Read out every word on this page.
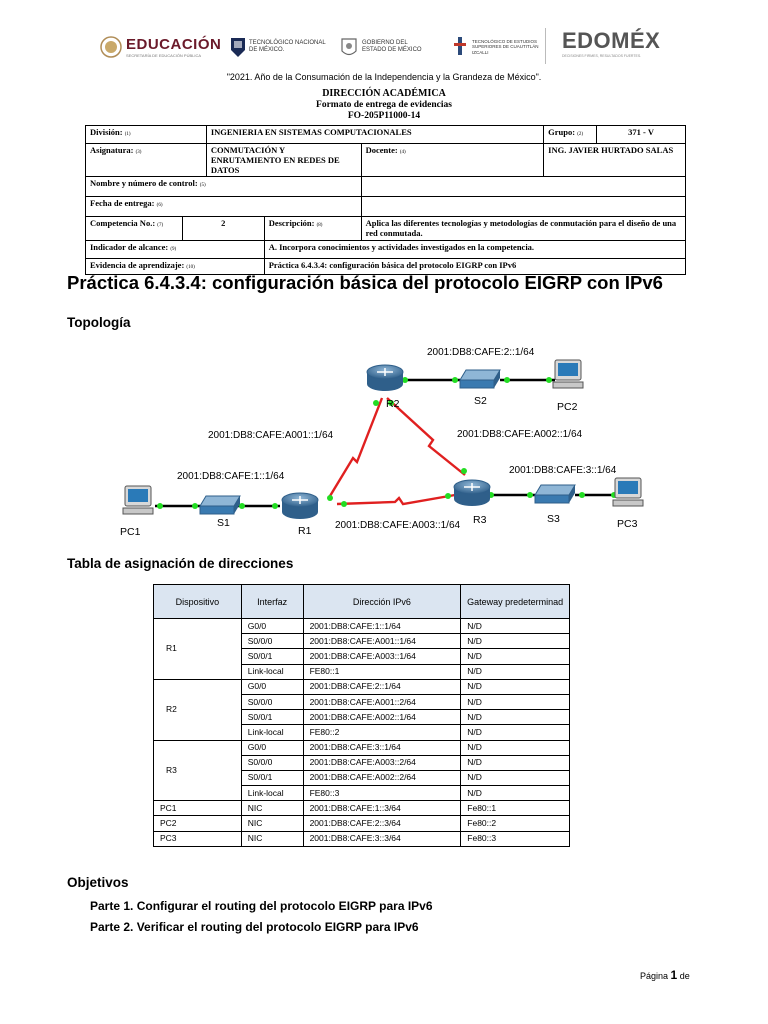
EDUCACIÓN
SECRETARÍA DE EDUCACIÓN PÚBLICA
TECNOLÓGICO NACIONAL DE MÉXICO.
GOBIERNO DEL ESTADO DE MÉXICO
TECNOLÓGICO DE ESTUDIOS SUPERIORES DE CUAUTITLÁN IZCALLI	EDOMÉX
DECISIONES FIRMES, RESULTADOS FUERTES.
"2021. Año de la Consumación de la Independencia y la Grandeza de México".
DIRECCIÓN ACADÉMICA
Formato de entrega de evidencias
FO-205P11000-14
División: (1)		INGENIERIA EN SISTEMAS COMPUTACIONALES			Grupo: (2)	371 - V
Asignatura: (3)		CONMUTACIÓN Y ENRUTAMIENTO EN REDES DE DATOS		Docente: (4)	ING. JAVIER HURTADO SALAS	
Nombre y número de control: (5)						
Fecha de entrega: (6)						
Competencia No.: (7)	2		Descripción: (8)	Aplica las diferentes tecnologías y metodologías de conmutación para el diseño de una red conmutada.		
Indicador de alcance: (9)			A. Incorpora conocimientos y actividades investigados en la competencia.			
Evidencia de aprendizaje: (10)			Práctica 6.4.3.4: configuración básica del protocolo EIGRP con IPv6			
Práctica 6.4.3.4: configuración básica del protocolo EIGRP con IPv6
Topología
PC1
S1
R1
R2	S2	PC2
R3	S3	PC3
2001:DB8:CAFE:2::1/64
2001:DB8:CAFE:A001::1/64	2001:DB8:CAFE:A002::1/64
2001:DB8:CAFE:1::1/64
2001:DB8:CAFE:3::1/64
2001:DB8:CAFE:A003::1/64
Tabla de asignación de direcciones
Dispositivo	Interfaz	Dirección IPv6	Gateway predeterminad
R1	G0/0	2001:DB8:CAFE:1::1/64	N/D
	S0/0/0	2001:DB8:CAFE:A001::1/64	N/D
	S0/0/1	2001:DB8:CAFE:A003::1/64	N/D
	Link-local	FE80::1	N/D
R2	G0/0	2001:DB8:CAFE:2::1/64	N/D
	S0/0/0	2001:DB8:CAFE:A001::2/64	N/D
	S0/0/1	2001:DB8:CAFE:A002::1/64	N/D
	Link-local	FE80::2	N/D
R3	G0/0	2001:DB8:CAFE:3::1/64	N/D
	S0/0/0	2001:DB8:CAFE:A003::2/64	N/D
	S0/0/1	2001:DB8:CAFE:A002::2/64	N/D
	Link-local	FE80::3	N/D
PC1	NIC	2001:DB8:CAFE:1::3/64	Fe80::1
PC2	NIC	2001:DB8:CAFE:2::3/64	Fe80::2
PC3	NIC	2001:DB8:CAFE:3::3/64	Fe80::3
Objetivos
Parte 1. Configurar el routing del protocolo EIGRP para IPv6
Parte 2. Verificar el routing del protocolo EIGRP para IPv6
Página 1 de
